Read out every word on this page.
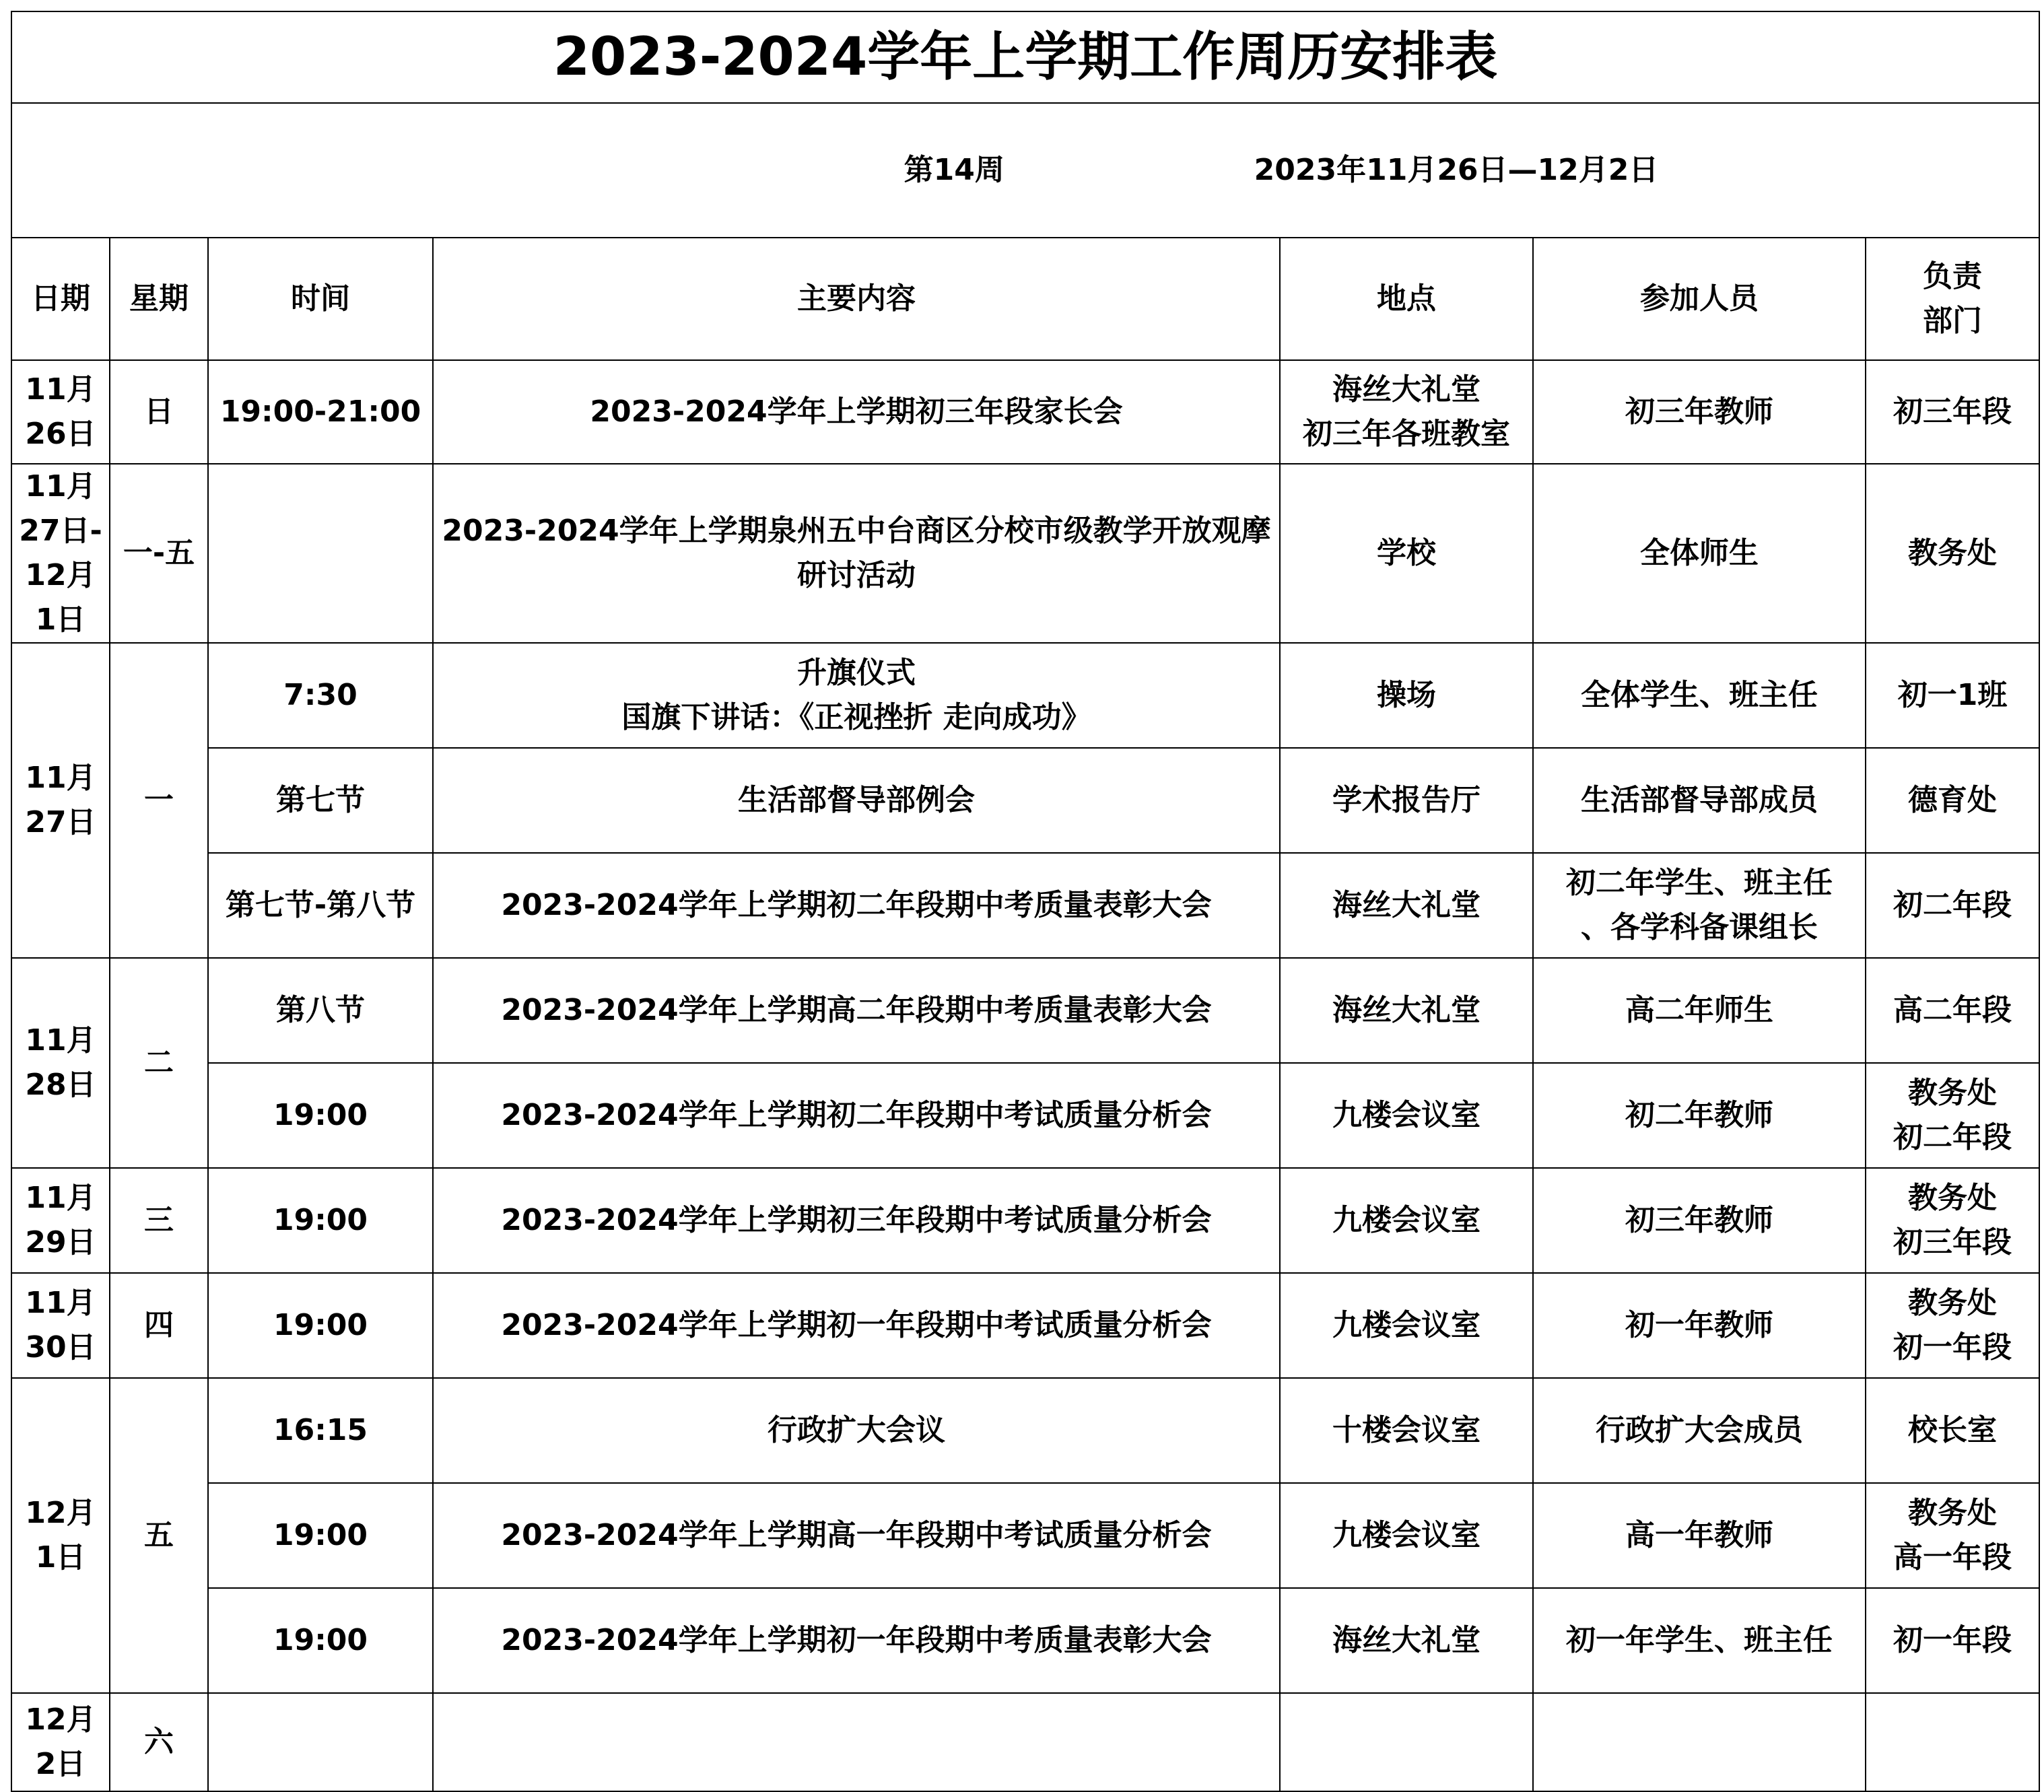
2023-2024学年上学期工作周历安排表						

第14周 2023年11月26日—12月2日						

日期	星期	时间	主要内容	地点	参加人员	负责
部门
11月
26日	日	19:00-21:00	2023-2024学年上学期初三年段家长会	海丝大礼堂
初三年各班教室	初三年教师	初三年段
11月
27日-
12月
1日	一-五		2023-2024学年上学期泉州五中台商区分校市级教学开放观摩研讨活动	学校	全体师生	教务处
11月
27日	一	7:30	升旗仪式
国旗下讲话：《正视挫折 走向成功》	操场	全体学生、班主任	初一1班
		第七节	生活部督导部例会	学术报告厅	生活部督导部成员	德育处
		第七节-第八节	2023-2024学年上学期初二年段期中考质量表彰大会	海丝大礼堂	初二年学生、班主任
、各学科备课组长	初二年段
11月
28日	二	第八节	2023-2024学年上学期高二年段期中考质量表彰大会	海丝大礼堂	高二年师生	高二年段
		19:00	2023-2024学年上学期初二年段期中考试质量分析会	九楼会议室	初二年教师	教务处
初二年段
11月
29日	三	19:00	2023-2024学年上学期初三年段期中考试质量分析会	九楼会议室	初三年教师	教务处
初三年段
11月
30日	四	19:00	2023-2024学年上学期初一年段期中考试质量分析会	九楼会议室	初一年教师	教务处
初一年段
12月
1日	五	16:15	行政扩大会议	十楼会议室	行政扩大会成员	校长室
		19:00	2023-2024学年上学期高一年段期中考试质量分析会	九楼会议室	高一年教师	教务处
高一年段
		19:00	2023-2024学年上学期初一年段期中考质量表彰大会	海丝大礼堂	初一年学生、班主任	初一年段
12月
2日	六					
